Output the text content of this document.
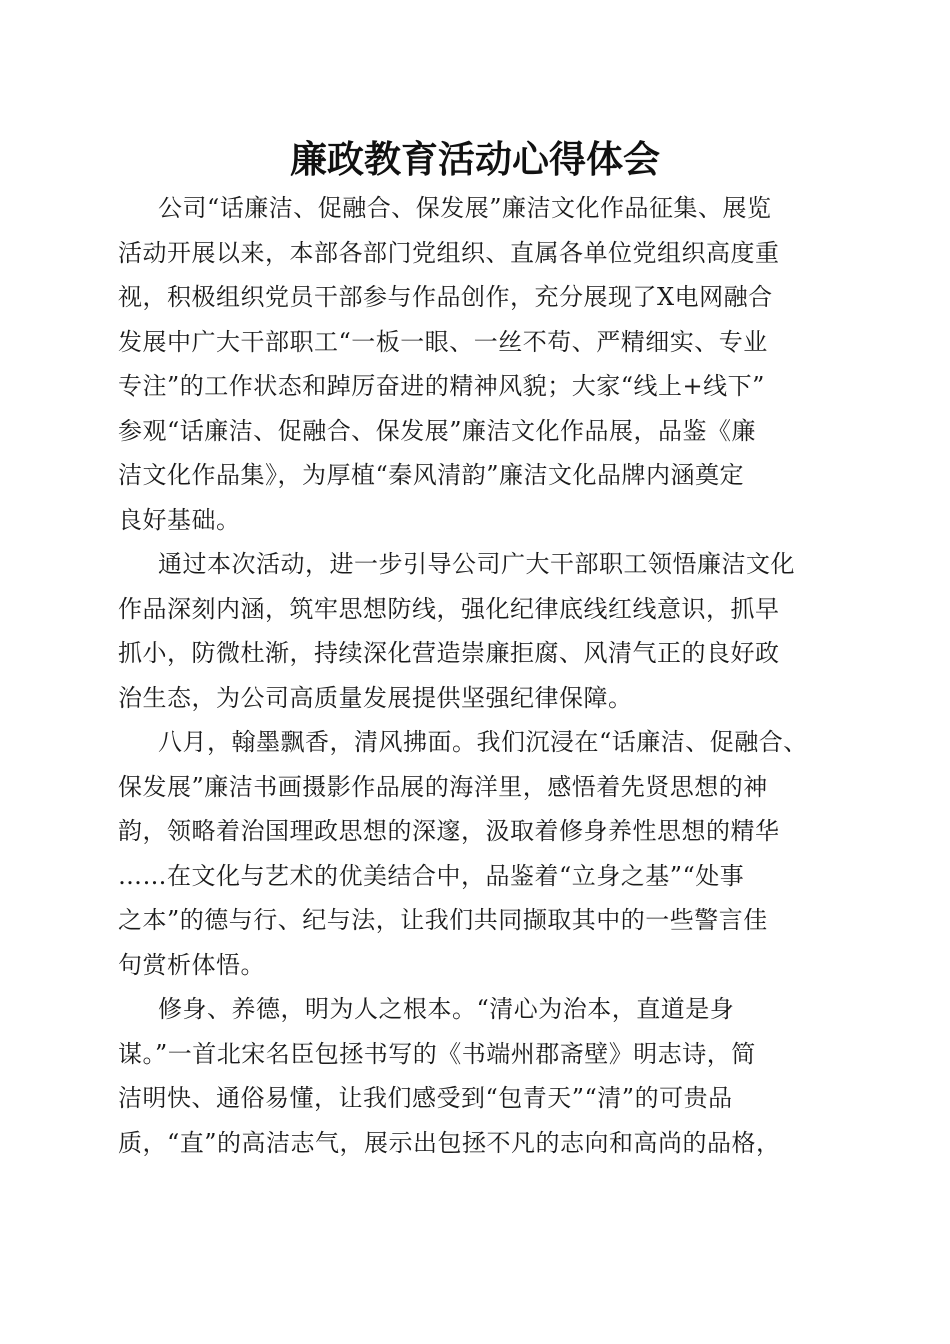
廉政教育活动心得体会
公司“话廉洁、促融合、保发展”廉洁文化作品征集、展览
活动开展以来，本部各部门党组织、直属各单位党组织高度重
视，积极组织党员干部参与作品创作，充分展现了X电网融合
发展中广大干部职工“一板一眼、一丝不苟、严精细实、专业
专注”的工作状态和踔厉奋进的精神风貌；大家“线上+线下”
参观“话廉洁、促融合、保发展”廉洁文化作品展，品鉴《廉
洁文化作品集》，为厚植“秦风清韵”廉洁文化品牌内涵奠定
良好基础。
通过本次活动，进一步引导公司广大干部职工领悟廉洁文化
作品深刻内涵，筑牢思想防线，强化纪律底线红线意识，抓早
抓小，防微杜渐，持续深化营造崇廉拒腐、风清气正的良好政
治生态，为公司高质量发展提供坚强纪律保障。
八月，翰墨飘香，清风拂面。我们沉浸在“话廉洁、促融合、
保发展”廉洁书画摄影作品展的海洋里，感悟着先贤思想的神
韵，领略着治国理政思想的深邃，汲取着修身养性思想的精华
……在文化与艺术的优美结合中，品鉴着“立身之基”“处事
之本”的德与行、纪与法，让我们共同撷取其中的一些警言佳
句赏析体悟。
修身、养德，明为人之根本。“清心为治本，直道是身
谋。”一首北宋名臣包拯书写的《书端州郡斋壁》明志诗，简
洁明快、通俗易懂，让我们感受到“包青天”“清”的可贵品
质，“直”的高洁志气，展示出包拯不凡的志向和高尚的品格，
